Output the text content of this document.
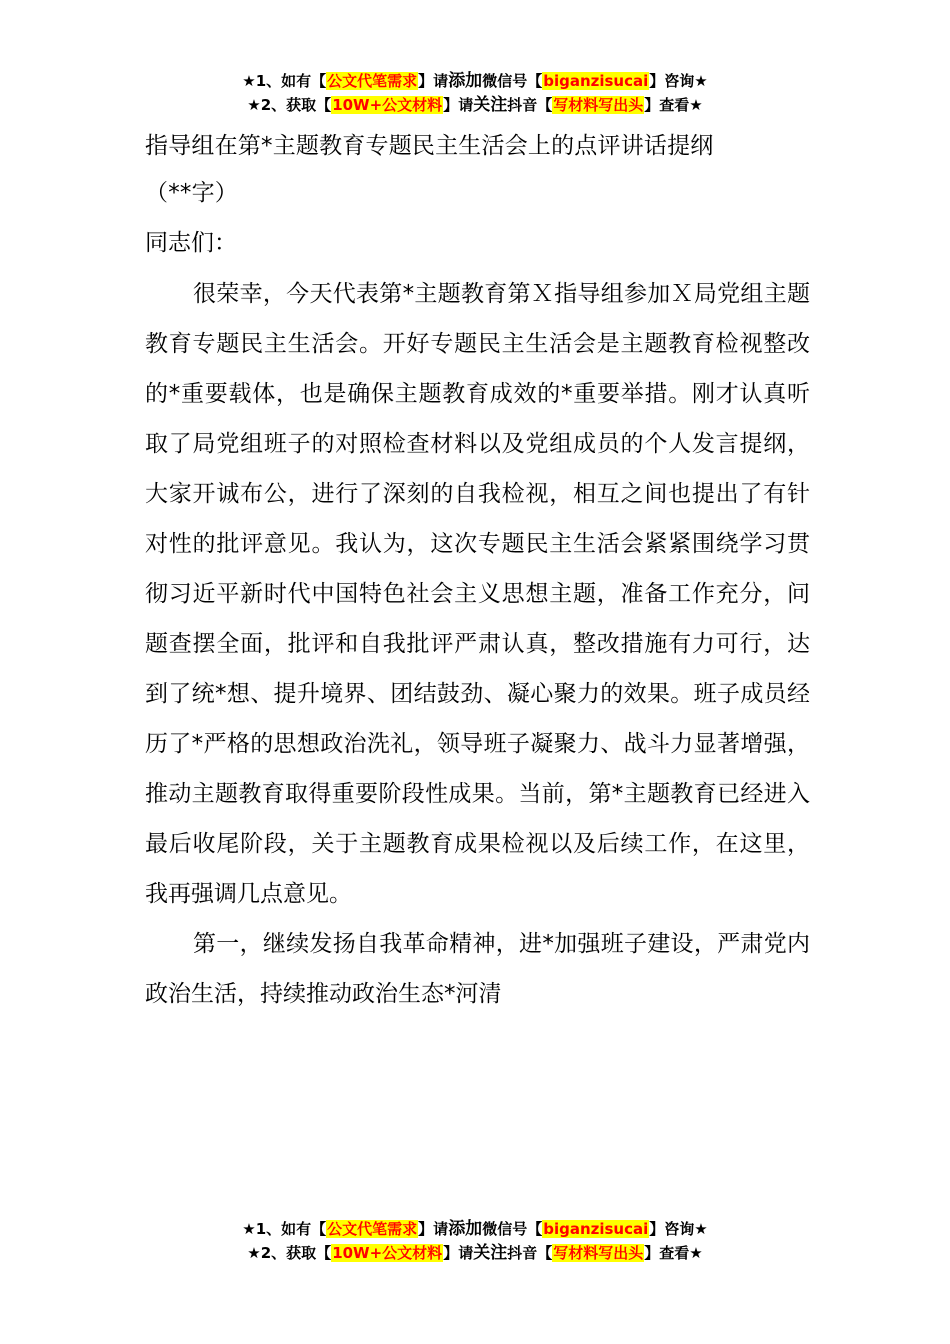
★1、如有【公文代笔需求】请添加微信号【biganzisucai】咨询★
★2、获取【10W+公文材料】请关注抖音【写材料写出头】查看★
指导组在第*主题教育专题民主生活会上的点评讲话提纲
（**字）

同志们：

很荣幸，今天代表第*主题教育第Ｘ指导组参加Ｘ局党组主题教育专题民主生活会。开好专题民主生活会是主题教育检视整改的*重要载体，也是确保主题教育成效的*重要举措。刚才认真听取了局党组班子的对照检查材料以及党组成员的个人发言提纲，大家开诚布公，进行了深刻的自我检视，相互之间也提出了有针对性的批评意见。我认为，这次专题民主生活会紧紧围绕学习贯彻习近平新时代中国特色社会主义思想主题，准备工作充分，问题查摆全面，批评和自我批评严肃认真，整改措施有力可行，达到了统*想、提升境界、团结鼓劲、凝心聚力的效果。班子成员经历了*严格的思想政治洗礼，领导班子凝聚力、战斗力显著增强，推动主题教育取得重要阶段性成果。当前，第*主题教育已经进入最后收尾阶段，关于主题教育成果检视以及后续工作，在这里，我再强调几点意见。

第一，继续发扬自我革命精神，进*加强班子建设，严肃党内政治生活，持续推动政治生态*河清

★1、如有【公文代笔需求】请添加微信号【biganzisucai】咨询★
★2、获取【10W+公文材料】请关注抖音【写材料写出头】查看★
